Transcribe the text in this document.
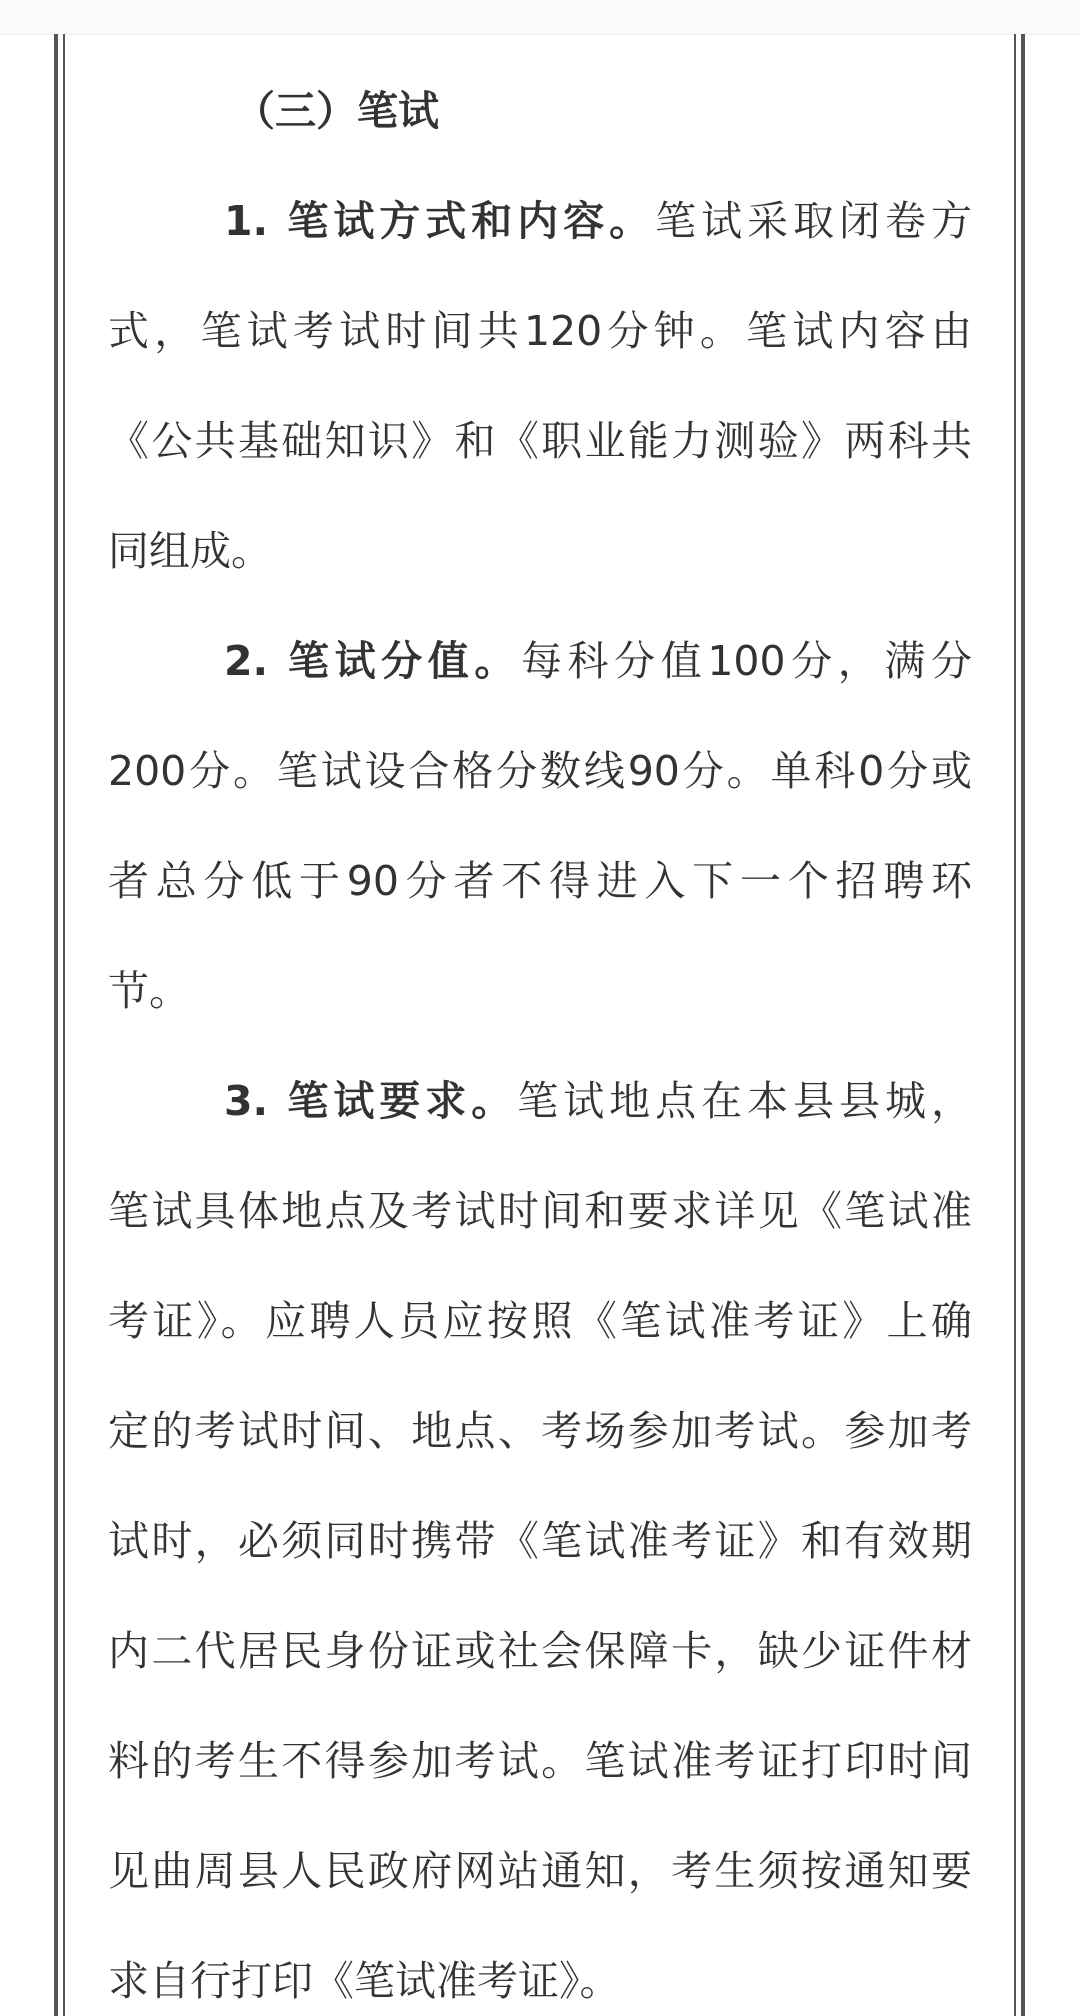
（三）笔试
1. 笔试方式和内容。笔试采取闭卷方
式，笔试考试时间共120分钟。笔试内容由
《公共基础知识》和《职业能力测验》两科共
同组成。
2. 笔试分值。每科分值100分，满分
200分。笔试设合格分数线90分。单科0分或
者总分低于90分者不得进入下一个招聘环
节。
3. 笔试要求。笔试地点在本县县城，
笔试具体地点及考试时间和要求详见《笔试准
考证》。应聘人员应按照《笔试准考证》上确
定的考试时间、地点、考场参加考试。参加考
试时，必须同时携带《笔试准考证》和有效期
内二代居民身份证或社会保障卡，缺少证件材
料的考生不得参加考试。笔试准考证打印时间
见曲周县人民政府网站通知，考生须按通知要
求自行打印《笔试准考证》。
